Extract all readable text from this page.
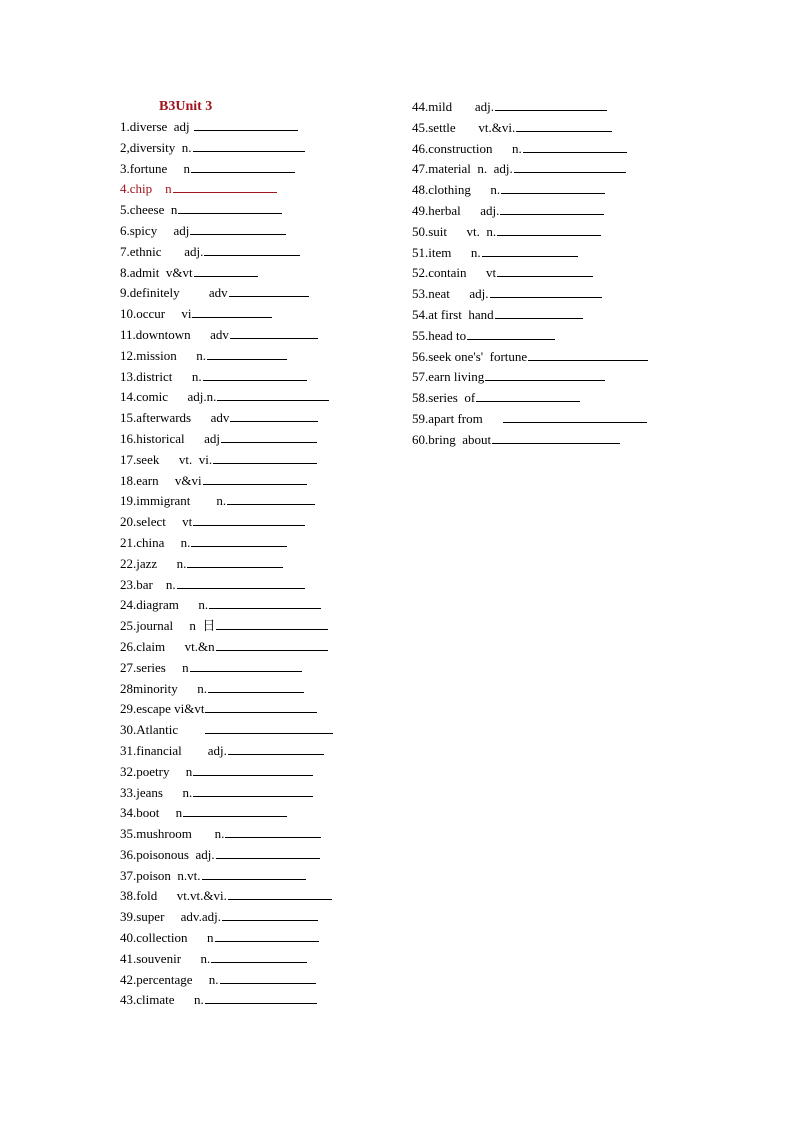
B3Unit 3
1.diverse  adj
2,diversity  n.
3.fortune     n
4.chip    n
5.cheese  n
6.spicy     adj
7.ethnic       adj.
8.admit  v&vt
9.definitely         adv
10.occur     vi
11.downtown      adv
12.mission      n.
13.district      n.
14.comic      adj.n.
15.afterwards      adv
16.historical      adj
17.seek      vt.  vi.
18.earn     v&vi
19.immigrant        n.
20.select     vt
21.china     n.
22.jazz      n.
23.bar    n.
24.diagram      n.
25.journal     n  日
26.claim      vt.&n
27.series     n
28minority      n.
29.escape vi&vt
30.Atlantic
31.financial        adj.
32.poetry     n
33.jeans      n.
34.boot     n
35.mushroom       n.
36.poisonous  adj.
37.poison  n.vt.
38.fold      vt.vt.&vi.
39.super     adv.adj.
40.collection      n
41.souvenir      n.
42.percentage     n.
43.climate      n.
44.mild       adj.
45.settle       vt.&vi.
46.construction      n.
47.material  n.  adj.
48.clothing      n.
49.herbal      adj.
50.suit      vt.  n.
51.item      n.
52.contain      vt
53.neat      adj.
54.at first  hand
55.head to
56.seek one's'  fortune
57.earn living
58.series  of
59.apart from
60.bring  about
